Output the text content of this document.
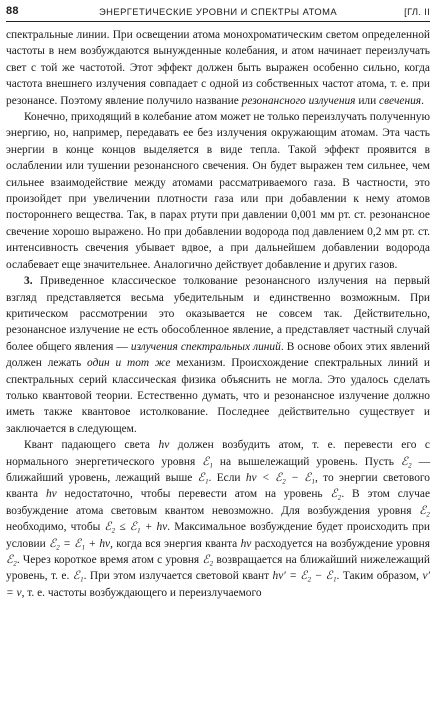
88	ЭНЕРГЕТИЧЕСКИЕ УРОВНИ И СПЕКТРЫ АТОМА	[ГЛ. II

спектральные линии. При освещении атома монохроматическим светом определенной частоты в нем возбуждаются вынужденные колебания, и атом начинает переизлучать свет с той же частотой. Этот эффект должен быть выражен особенно сильно, когда частота внешнего излучения совпадает с одной из собственных частот атома, т. е. при резонансе. Поэтому явление получило название резонансного излучения или свечения.

Конечно, приходящий в колебание атом может не только переизлучать полученную энергию, но, например, передавать ее без излучения окружающим атомам. Эта часть энергии в конце концов выделяется в виде тепла. Такой эффект проявится в ослаблении или тушении резонансного свечения. Он будет выражен тем сильнее, чем сильнее взаимодействие между атомами рассматриваемого газа. В частности, это произойдет при увеличении плотности газа или при добавлении к нему атомов постороннего вещества. Так, в парах ртути при давлении 0,001 мм рт. ст. резонансное свечение хорошо выражено. Но при добавлении водорода под давлением 0,2 мм рт. ст. интенсивность свечения убывает вдвое, а при дальнейшем добавлении водорода ослабевает еще значительнее. Аналогично действует добавление и других газов.

3. Приведенное классическое толкование резонансного излучения на первый взгляд представляется весьма убедительным и единственно возможным. При критическом рассмотрении это оказывается не совсем так. Действительно, резонансное излучение не есть обособленное явление, а представляет частный случай более общего явления — излучения спектральных линий. В основе обоих этих явлений должен лежать один и тот же механизм. Происхождение спектральных линий и спектральных серий классическая физика объяснить не могла. Это удалось сделать только квантовой теории. Естественно думать, что и резонансное излучение должно иметь также квантовое истолкование. Последнее действительно существует и заключается в следующем.

Квант падающего света hν должен возбудить атом, т. е. перевести его с нормального энергетического уровня ℰ₁ на вышележащий уровень. Пусть ℰ₂ — ближайший уровень, лежащий выше ℰ₁. Если hν < ℰ₂ − ℰ₁, то энергии светового кванта hν недостаточно, чтобы перевести атом на уровень ℰ₂. В этом случае возбуждение атома световым квантом невозможно. Для возбуждения уровня ℰ₂ необходимо, чтобы ℰ₂ ≤ ℰ₁ + hν. Максимальное возбуждение будет происходить при условии ℰ₂ = ℰ₁ + hν, когда вся энергия кванта hν расходуется на возбуждение уровня ℰ₂. Через короткое время атом с уровня ℰ₂ возвращается на ближайший нижележащий уровень, т. е. ℰ₁. При этом излучается световой квант hν′ = ℰ₂ − ℰ₁. Таким образом, ν′ = ν, т. е. частоты возбуждающего и переизлучаемого
